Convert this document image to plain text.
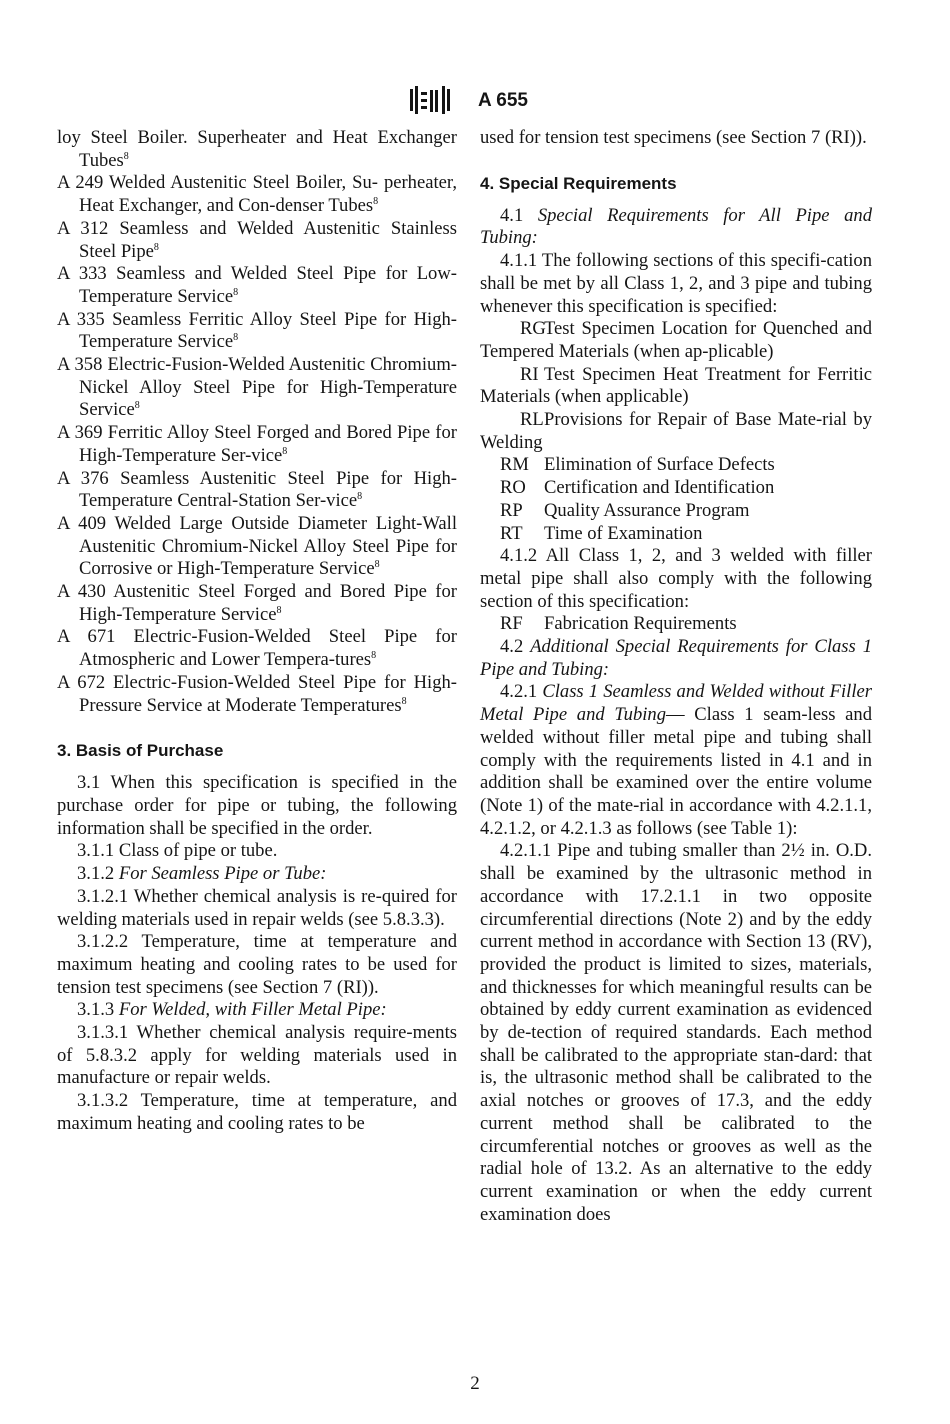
A 655

loy Steel Boiler. Superheater and Heat Exchanger Tubes$^8$

A 249 Welded Austenitic Steel Boiler, Su- perheater, Heat Exchanger, and Con-denser Tubes$^8$

A 312 Seamless and Welded Austenitic Stainless Steel Pipe$^8$

A 333 Seamless and Welded Steel Pipe for Low-Temperature Service$^8$

A 335 Seamless Ferritic Alloy Steel Pipe for High-Temperature Service$^8$

A 358 Electric-Fusion-Welded Austenitic Chromium-Nickel Alloy Steel Pipe for High-Temperature Service$^8$

A 369 Ferritic Alloy Steel Forged and Bored Pipe for High-Temperature Ser-vice$^8$

A 376 Seamless Austenitic Steel Pipe for High-Temperature Central-Station Ser-vice$^8$

A 409 Welded Large Outside Diameter Light-Wall Austenitic Chromium-Nickel Alloy Steel Pipe for Corrosive or High-Temperature Service$^8$

A 430 Austenitic Steel Forged and Bored Pipe for High-Temperature Service$^8$

A 671 Electric-Fusion-Welded Steel Pipe for Atmospheric and Lower Tempera-tures$^8$

A 672 Electric-Fusion-Welded Steel Pipe for High-Pressure Service at Moderate Temperatures$^8$

3. Basis of Purchase

3.1 When this specification is specified in the purchase order for pipe or tubing, the following information shall be specified in the order.

3.1.1 Class of pipe or tube.

3.1.2 For Seamless Pipe or Tube:

3.1.2.1 Whether chemical analysis is re-quired for welding materials used in repair welds (see 5.8.3.3).

3.1.2.2 Temperature, time at temperature and maximum heating and cooling rates to be used for tension test specimens (see Section 7 (RI)).

3.1.3 For Welded, with Filler Metal Pipe:

3.1.3.1 Whether chemical analysis require-ments of 5.8.3.2 apply for welding materials used in manufacture or repair welds.

3.1.3.2 Temperature, time at temperature, and maximum heating and cooling rates to be

used for tension test specimens (see Section 7 (RI)).

4. Special Requirements

4.1 Special Requirements for All Pipe and Tubing:

4.1.1 The following sections of this specifi-cation shall be met by all Class 1, 2, and 3 pipe and tubing whenever this specification is specified:

RGTest Specimen Location for Quenched and Tempered Materials (when ap-plicable)

RI Test Specimen Heat Treatment for Ferritic Materials (when applicable)

RLProvisions for Repair of Base Mate-rial by Welding

RM Elimination of Surface Defects

RO Certification and Identification

RP Quality Assurance Program

RT Time of Examination

4.1.2 All Class 1, 2, and 3 welded with filler metal pipe shall also comply with the following section of this specification:

RF Fabrication Requirements

4.2 Additional Special Requirements for Class 1 Pipe and Tubing:

4.2.1 Class 1 Seamless and Welded without Filler Metal Pipe and Tubing— Class 1 seam-less and welded without filler metal pipe and tubing shall comply with the requirements listed in 4.1 and in addition shall be examined over the entire volume (Note 1) of the mate-rial in accordance with 4.2.1.1, 4.2.1.2, or 4.2.1.3 as follows (see Table 1):

4.2.1.1 Pipe and tubing smaller than 2½ in. O.D. shall be examined by the ultrasonic method in accordance with 17.2.1.1 in two opposite circumferential directions (Note 2) and by the eddy current method in accordance with Section 13 (RV), provided the product is limited to sizes, materials, and thicknesses for which meaningful results can be obtained by eddy current examination as evidenced by de-tection of required standards. Each method shall be calibrated to the appropriate stan-dard: that is, the ultrasonic method shall be calibrated to the axial notches or grooves of 17.3, and the eddy current method shall be calibrated to the circumferential notches or grooves as well as the radial hole of 13.2. As an alternative to the eddy current examination or when the eddy current examination does

2
